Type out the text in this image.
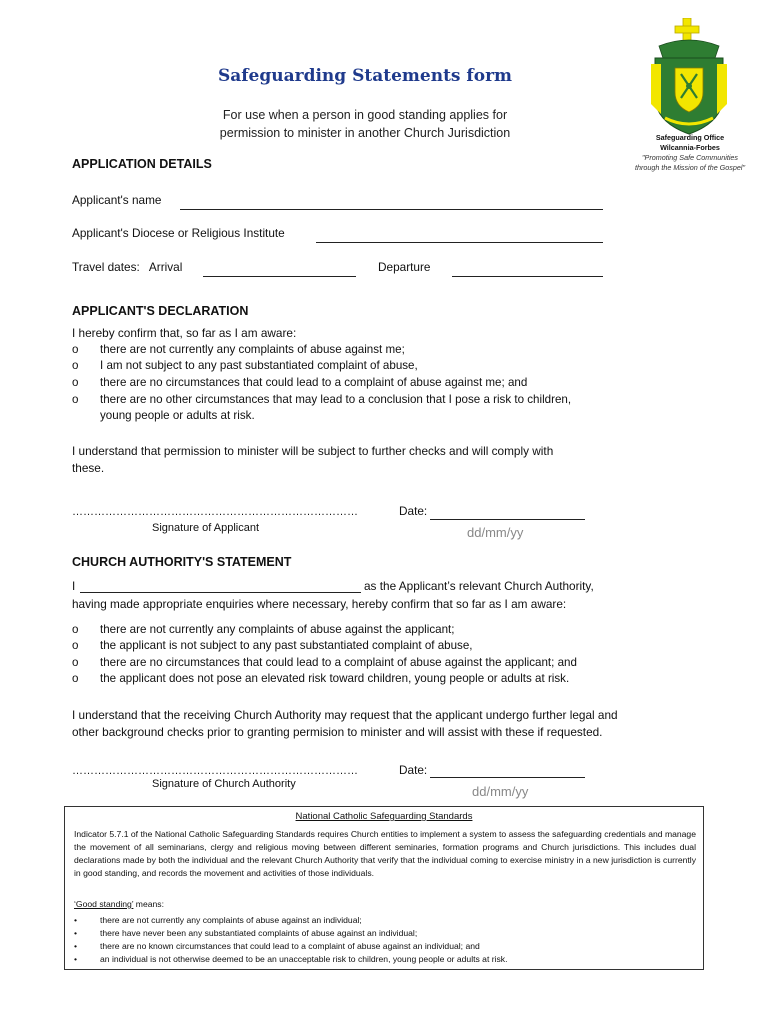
Safeguarding Statements form
For use when a person in good standing applies for
permission to minister in another Church Jurisdiction	Safeguarding Office
Wilcannia-Forbes
"Promoting Safe Communities
through the Mission of the Gospel"
APPLICATION DETAILS
Applicant's name
Applicant's Diocese or Religious Institute
Travel dates:   Arrival	Departure
APPLICANT'S DECLARATION
I hereby confirm that, so far as I am aware:
o	there are not currently any complaints of abuse against me;
o	I am not subject to any past substantiated complaint of abuse,
o	there are no circumstances that could lead to a complaint of abuse against me; and
o	there are no other circumstances that may lead to a conclusion that I pose a risk to children,
young people or adults at risk.
I understand that permission to minister will be subject to further checks and will comply with
these.
……………………………………………………………………
Signature of Applicant
Date:
dd/mm/yy
CHURCH AUTHORITY'S STATEMENT
I	as the Applicant’s relevant Church Authority,
having made appropriate enquiries where necessary, hereby confirm that so far as I am aware:
o	there are not currently any complaints of abuse against the applicant;
o	the applicant is not subject to any past substantiated complaint of abuse,
o	there are no circumstances that could lead to a complaint of abuse against the applicant; and
o	the applicant does not pose an elevated risk toward children, young people or adults at risk.
I understand that the receiving Church Authority may request that the applicant undergo further legal and
other background checks prior to granting permision to minister and will assist with these if requested.
……………………………………………………………………
Signature of Church Authority
Date:
dd/mm/yy
National Catholic Safeguarding Standards
Indicator 5.7.1 of the National Catholic Safeguarding Standards requires Church entities to implement a system to assess the safeguarding credentials and manage the movement of all seminarians, clergy and religious moving between different seminaries, formation programs and Church jurisdictions. This includes dual declarations made by both the individual and the relevant Church Authority that verify that the individual coming to exercise ministry in a new jurisdiction is currently in good standing, and records the movement and activities of those individuals.
‘Good standing’ means:
•	there are not currently any complaints of abuse against an individual;
•	there have never been any substantiated complaints of abuse against an individual;
•	there are no known circumstances that could lead to a complaint of abuse against an individual; and
•	an individual is not otherwise deemed to be an unacceptable risk to children, young people or adults at risk.
